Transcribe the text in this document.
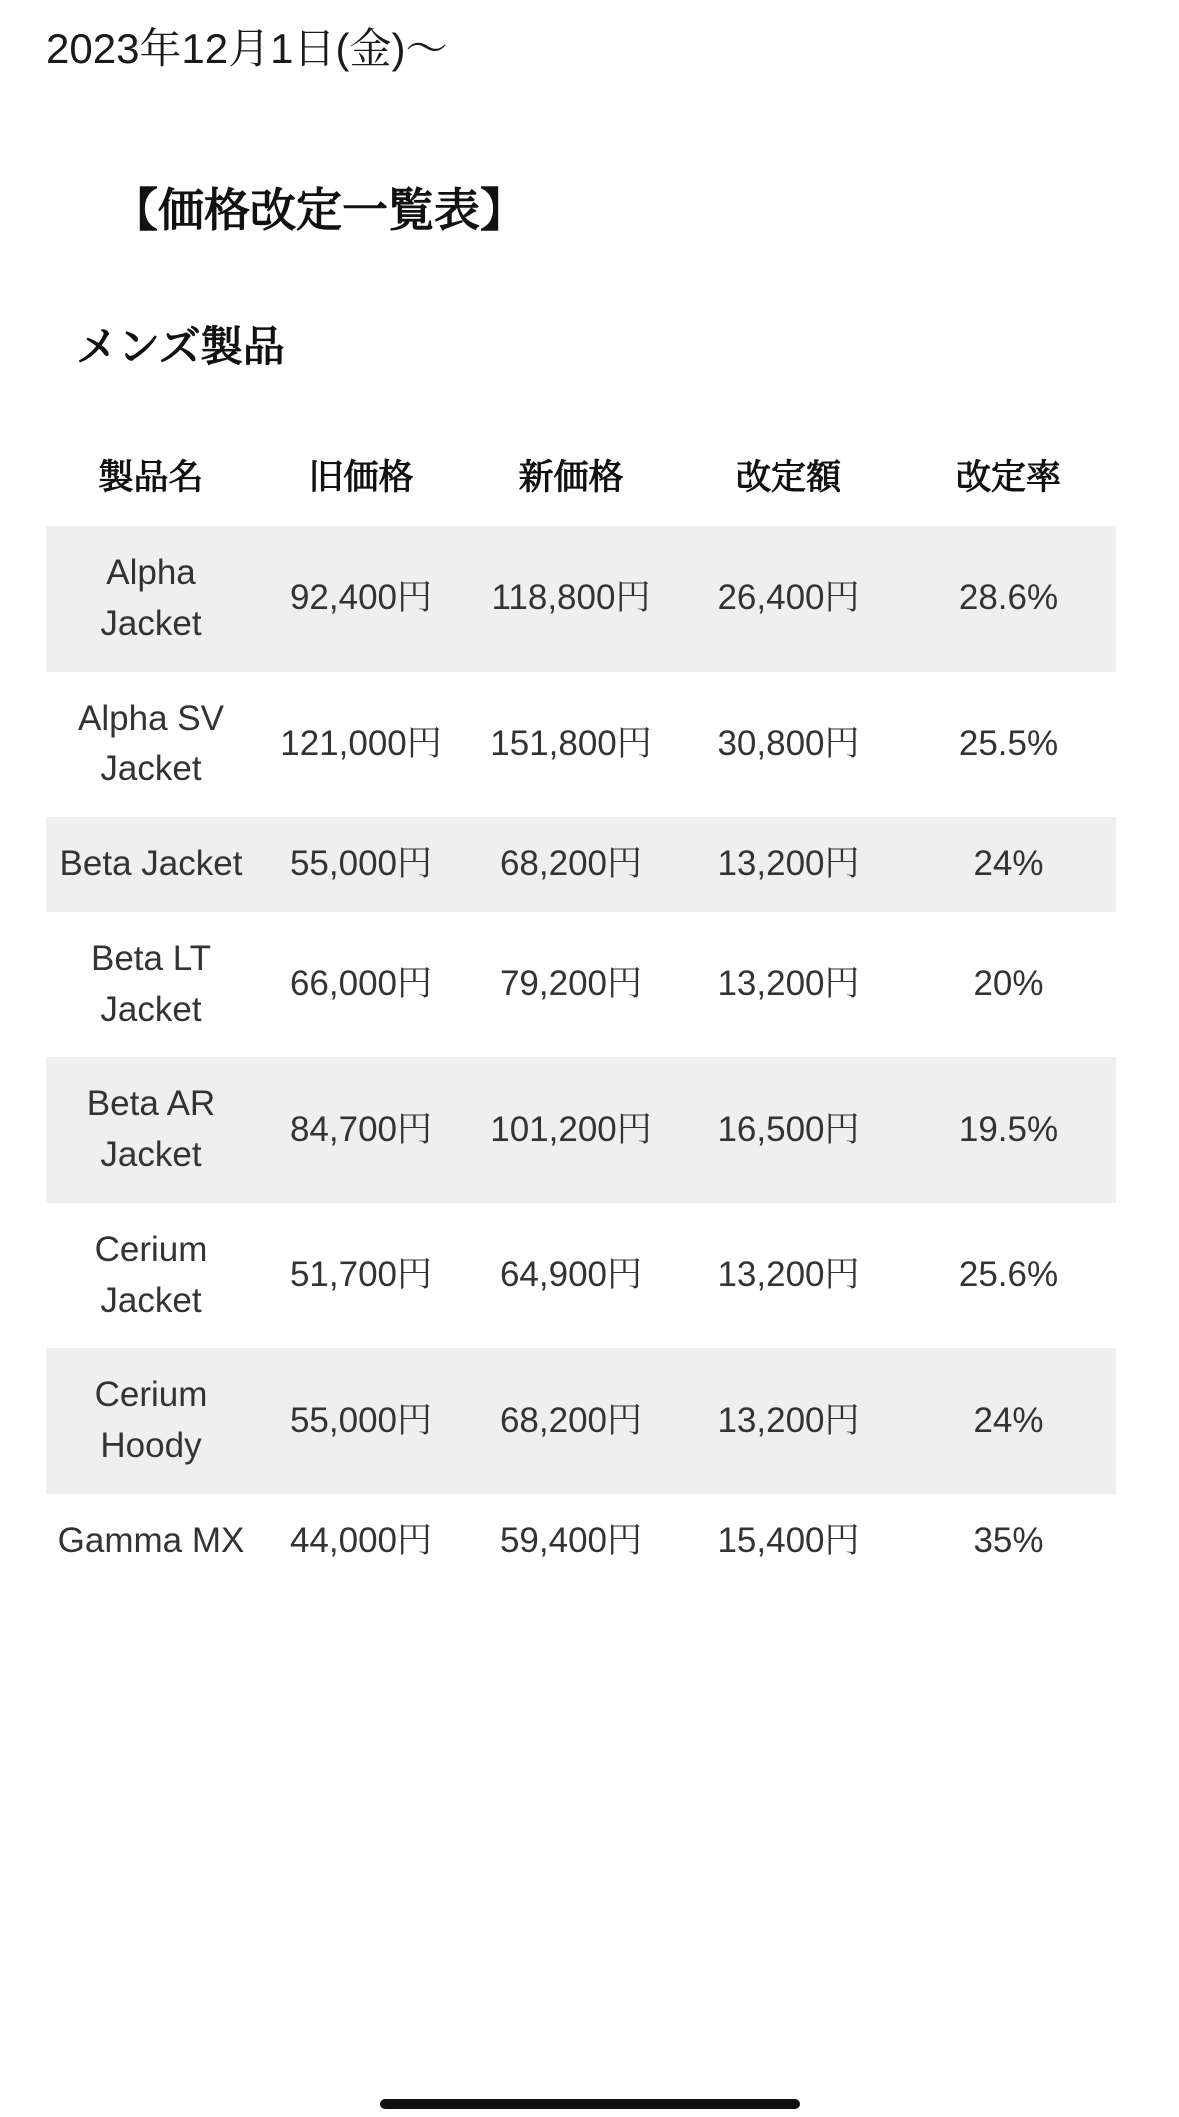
2023年12月1日(金)〜
【価格改定一覧表】
メンズ製品
製品名	旧価格	新価格	改定額	改定率
Alpha Jacket	92,400円	118,800円	26,400円	28.6%
Alpha SV Jacket	121,000円	151,800円	30,800円	25.5%
Beta Jacket	55,000円	68,200円	13,200円	24%
Beta LT Jacket	66,000円	79,200円	13,200円	20%
Beta AR Jacket	84,700円	101,200円	16,500円	19.5%
Cerium Jacket	51,700円	64,900円	13,200円	25.6%
Cerium Hoody	55,000円	68,200円	13,200円	24%
Gamma MX	44,000円	59,400円	15,400円	35%
